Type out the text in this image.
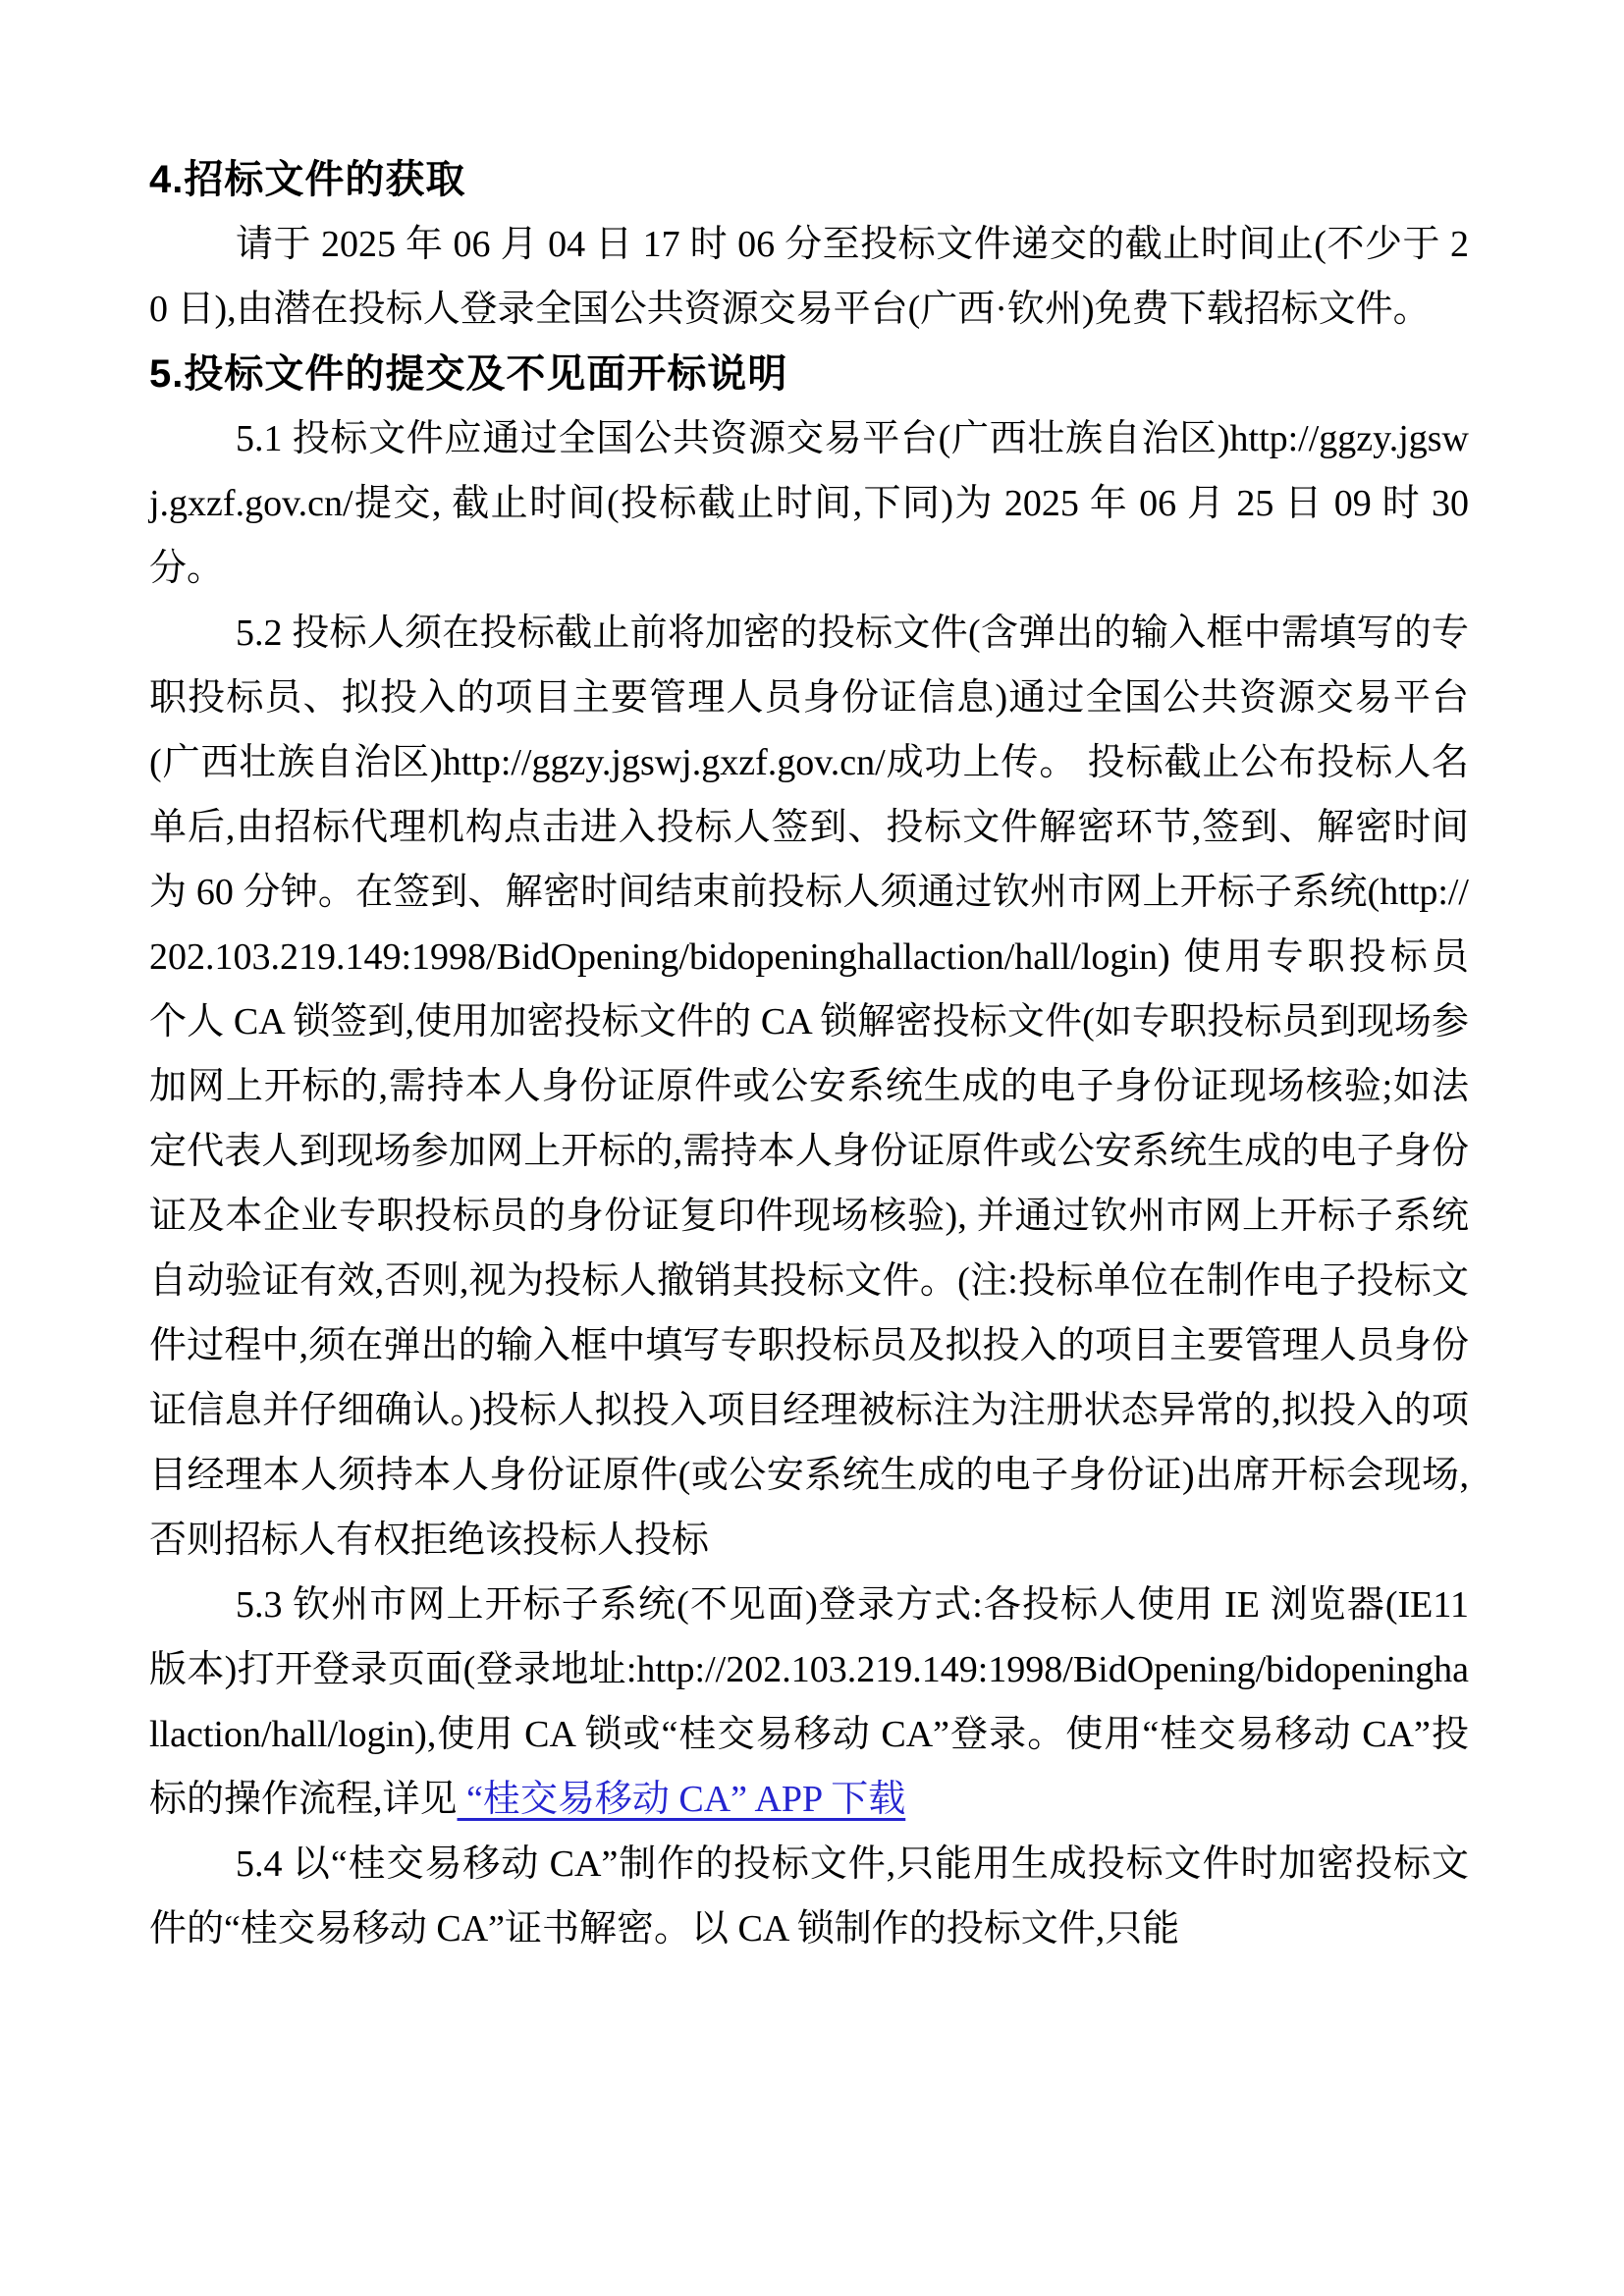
4.招标文件的获取

请于 2025 年 06 月 04 日 17 时 06 分至投标文件递交的截止时间止(不少于 20 日),由潜在投标人登录全国公共资源交易平台(广西·钦州)免费下载招标文件。

5.投标文件的提交及不见面开标说明

5.1 投标文件应通过全国公共资源交易平台(广西壮族自治区)http://ggzy.jgswj.gxzf.gov.cn/提交, 截止时间(投标截止时间,下同)为 2025 年 06 月 25 日 09 时 30 分。

5.2 投标人须在投标截止前将加密的投标文件(含弹出的输入框中需填写的专职投标员、拟投入的项目主要管理人员身份证信息)通过全国公共资源交易平台(广西壮族自治区)http://ggzy.jgswj.gxzf.gov.cn/成功上传。 投标截止公布投标人名单后,由招标代理机构点击进入投标人签到、投标文件解密环节,签到、解密时间为 60 分钟。在签到、解密时间结束前投标人须通过钦州市网上开标子系统(http://202.103.219.149:1998/BidOpening/bidopeninghallaction/hall/login) 使用专职投标员个人 CA 锁签到,使用加密投标文件的 CA 锁解密投标文件(如专职投标员到现场参加网上开标的,需持本人身份证原件或公安系统生成的电子身份证现场核验;如法定代表人到现场参加网上开标的,需持本人身份证原件或公安系统生成的电子身份证及本企业专职投标员的身份证复印件现场核验), 并通过钦州市网上开标子系统自动验证有效,否则,视为投标人撤销其投标文件。(注:投标单位在制作电子投标文件过程中,须在弹出的输入框中填写专职投标员及拟投入的项目主要管理人员身份证信息并仔细确认。)投标人拟投入项目经理被标注为注册状态异常的,拟投入的项目经理本人须持本人身份证原件(或公安系统生成的电子身份证)出席开标会现场,否则招标人有权拒绝该投标人投标

5.3 钦州市网上开标子系统(不见面)登录方式:各投标人使用 IE 浏览器(IE11 版本)打开登录页面(登录地址:http://202.103.219.149:1998/BidOpening/bidopeninghallaction/hall/login),使用 CA 锁或“桂交易移动 CA”登录。使用“桂交易移动 CA”投标的操作流程,详见 “桂交易移动 CA” APP 下载

5.4 以“桂交易移动 CA”制作的投标文件,只能用生成投标文件时加密投标文件的“桂交易移动 CA”证书解密。以 CA 锁制作的投标文件,只能
